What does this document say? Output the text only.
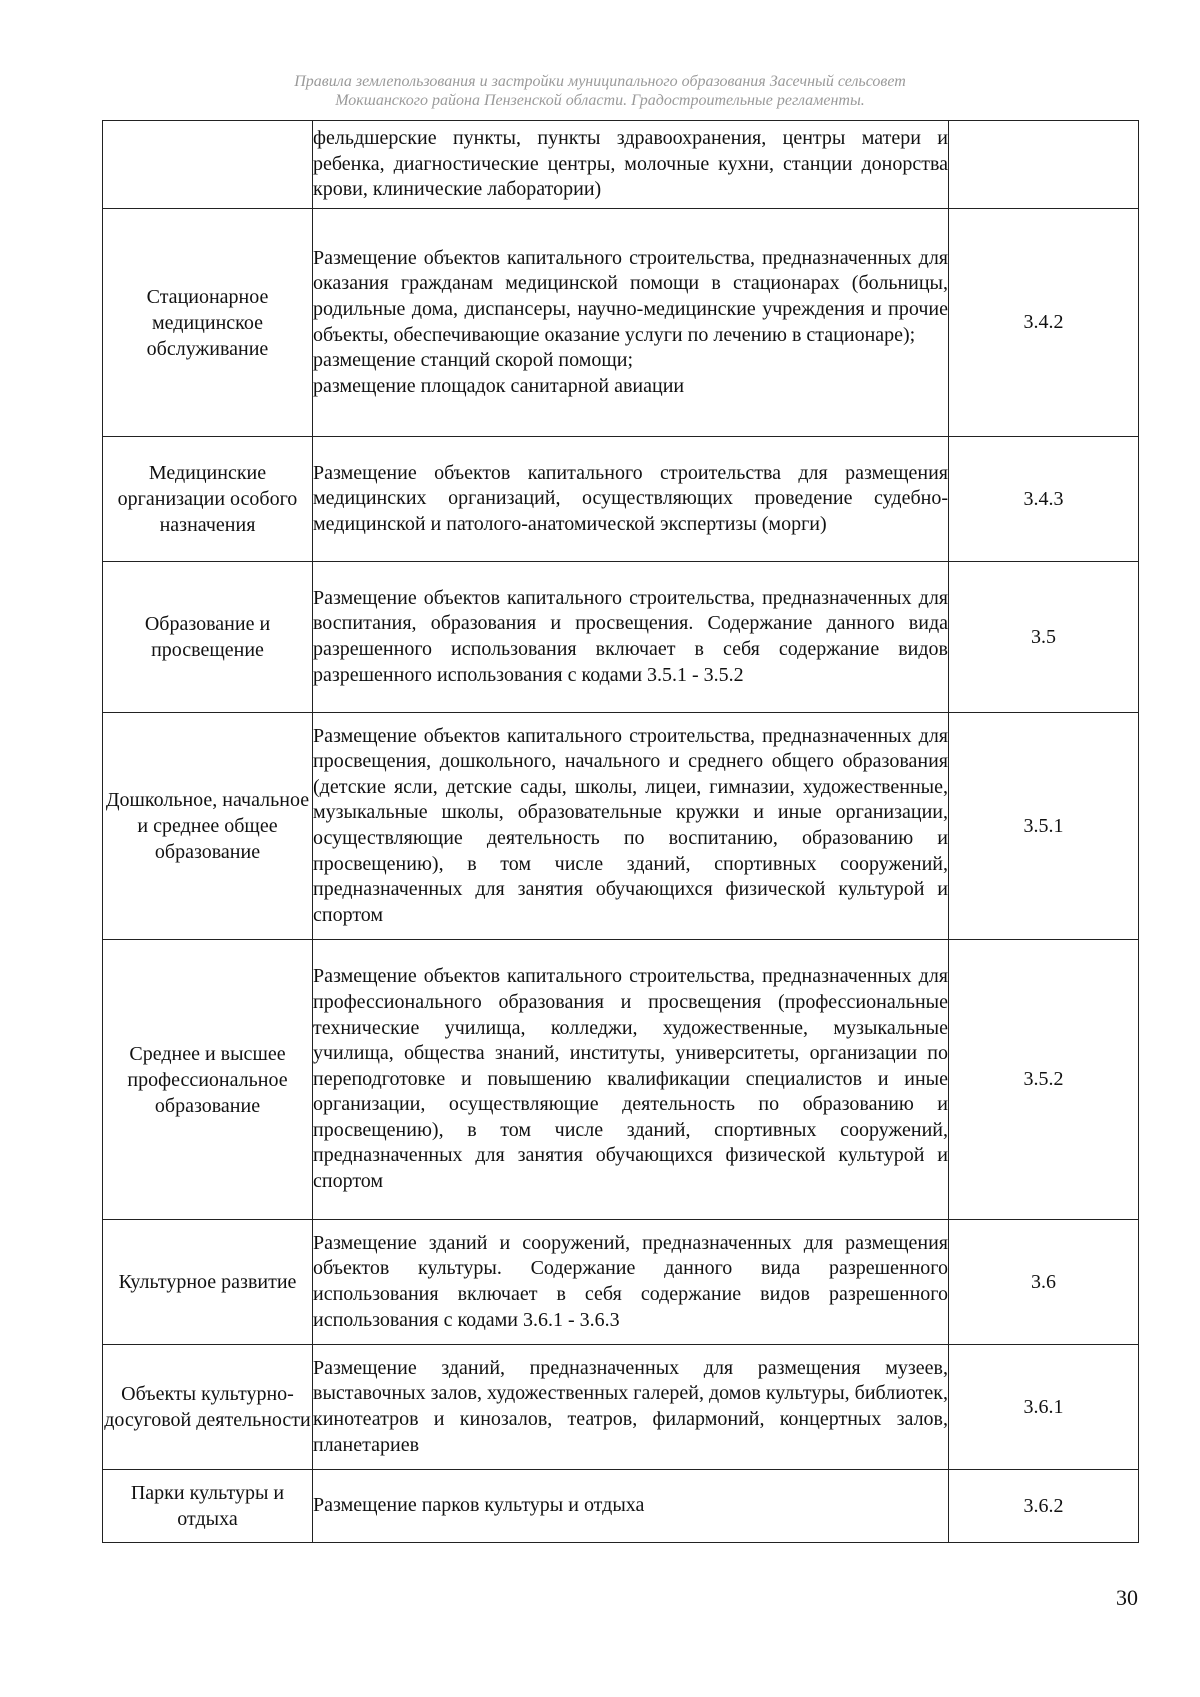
Правила землепользования и застройки муниципального образования Засечный сельсовет
Мокшанского района Пензенской области. Градостроительные регламенты.

	фельдшерские пункты, пункты здравоохранения, центры матери и ребенка, диагностические центры, молочные кухни, станции донорства крови, клинические лаборатории)	

Стационарное медицинское обслуживание	Размещение объектов капитального строительства, предназначенных для оказания гражданам медицинской помощи в стационарах (больницы, родильные дома, диспансеры, научно-медицинские учреждения и прочие объекты, обеспечивающие оказание услуги по лечению в стационаре);
размещение станций скорой помощи;
размещение площадок санитарной авиации	3.4.2
Медицинские организации особого назначения	Размещение объектов капитального строительства для размещения медицинских организаций, осуществляющих проведение судебно-медицинской и патолого-анатомической экспертизы (морги)	3.4.3
Образование и просвещение	Размещение объектов капитального строительства, предназначенных для воспитания, образования и просвещения. Содержание данного вида разрешенного использования включает в себя содержание видов разрешенного использования с кодами 3.5.1 - 3.5.2	3.5
Дошкольное, начальное и среднее общее образование	Размещение объектов капитального строительства, предназначенных для просвещения, дошкольного, начального и среднего общего образования (детские ясли, детские сады, школы, лицеи, гимназии, художественные, музыкальные школы, образовательные кружки и иные организации, осуществляющие деятельность по воспитанию, образованию и просвещению), в том числе зданий, спортивных сооружений, предназначенных для занятия обучающихся физической культурой и спортом	3.5.1
Среднее и высшее профессиональное образование	Размещение объектов капитального строительства, предназначенных для профессионального образования и просвещения (профессиональные технические училища, колледжи, художественные, музыкальные училища, общества знаний, институты, университеты, организации по переподготовке и повышению квалификации специалистов и иные организации, осуществляющие деятельность по образованию и просвещению), в том числе зданий, спортивных сооружений, предназначенных для занятия обучающихся физической культурой и спортом	3.5.2
Культурное развитие	Размещение зданий и сооружений, предназначенных для размещения объектов культуры. Содержание данного вида разрешенного использования включает в себя содержание видов разрешенного использования с кодами 3.6.1 - 3.6.3	3.6
Объекты культурно-досуговой деятельности	Размещение зданий, предназначенных для размещения музеев, выставочных залов, художественных галерей, домов культуры, библиотек, кинотеатров и кинозалов, театров, филармоний, концертных залов, планетариев	3.6.1
Парки культуры и отдыха	Размещение парков культуры и отдыха	3.6.2
30
